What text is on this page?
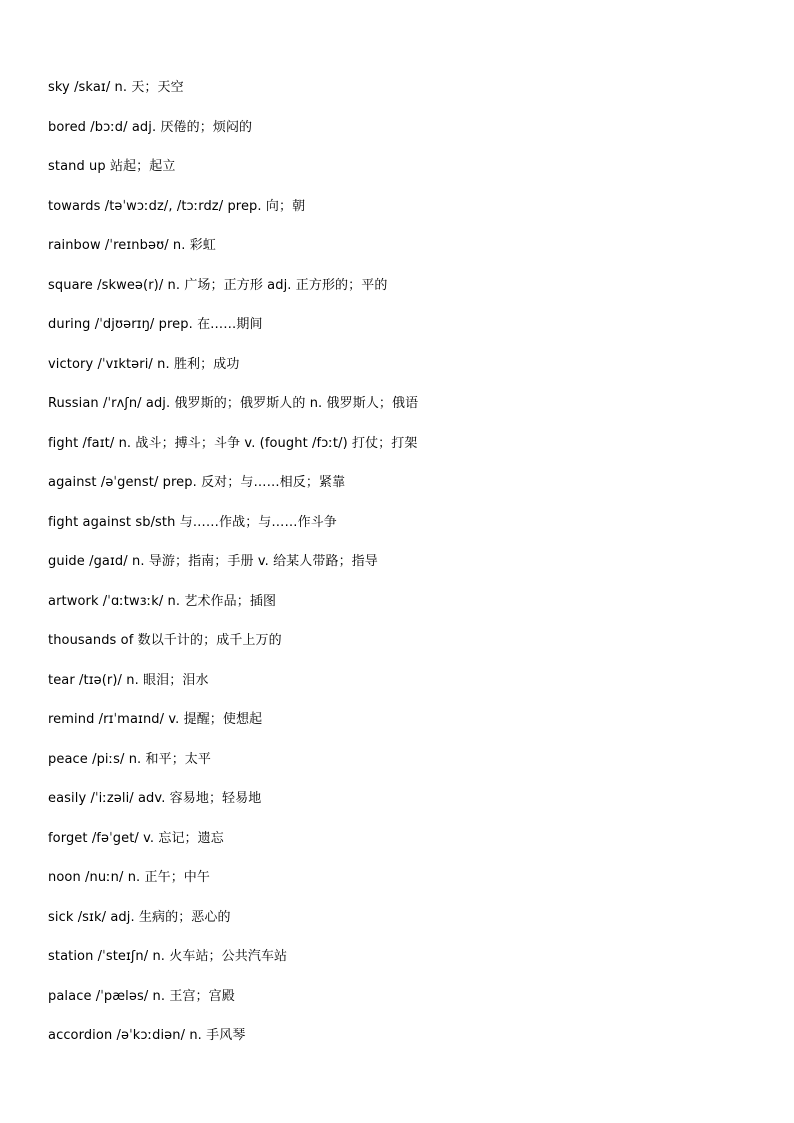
sky /skaɪ/ n. 天；天空
bored /bɔːd/ adj. 厌倦的；烦闷的
stand up 站起；起立
towards /təˈwɔːdz/, /tɔːrdz/ prep. 向；朝
rainbow /ˈreɪnbəʊ/ n. 彩虹
square /skweə(r)/ n. 广场；正方形 adj. 正方形的；平的
during /ˈdjʊərɪŋ/ prep. 在……期间
victory /ˈvɪktəri/ n. 胜利；成功
Russian /ˈrʌʃn/ adj. 俄罗斯的；俄罗斯人的 n. 俄罗斯人；俄语
fight /faɪt/ n. 战斗；搏斗；斗争 v. (fought /fɔːt/) 打仗；打架
against /əˈgenst/ prep. 反对；与……相反；紧靠
fight against sb/sth 与……作战；与……作斗争
guide /gaɪd/ n. 导游；指南；手册 v. 给某人带路；指导
artwork /ˈɑːtwɜːk/ n. 艺术作品；插图
thousands of 数以千计的；成千上万的
tear /tɪə(r)/ n. 眼泪；泪水
remind /rɪˈmaɪnd/ v. 提醒；使想起
peace /piːs/ n. 和平；太平
easily /ˈiːzəli/ adv. 容易地；轻易地
forget /fəˈget/ v. 忘记；遗忘
noon /nuːn/ n. 正午；中午
sick /sɪk/ adj. 生病的；恶心的
station /ˈsteɪʃn/ n. 火车站；公共汽车站
palace /ˈpæləs/ n. 王宫；宫殿
accordion /əˈkɔːdiən/ n. 手风琴
